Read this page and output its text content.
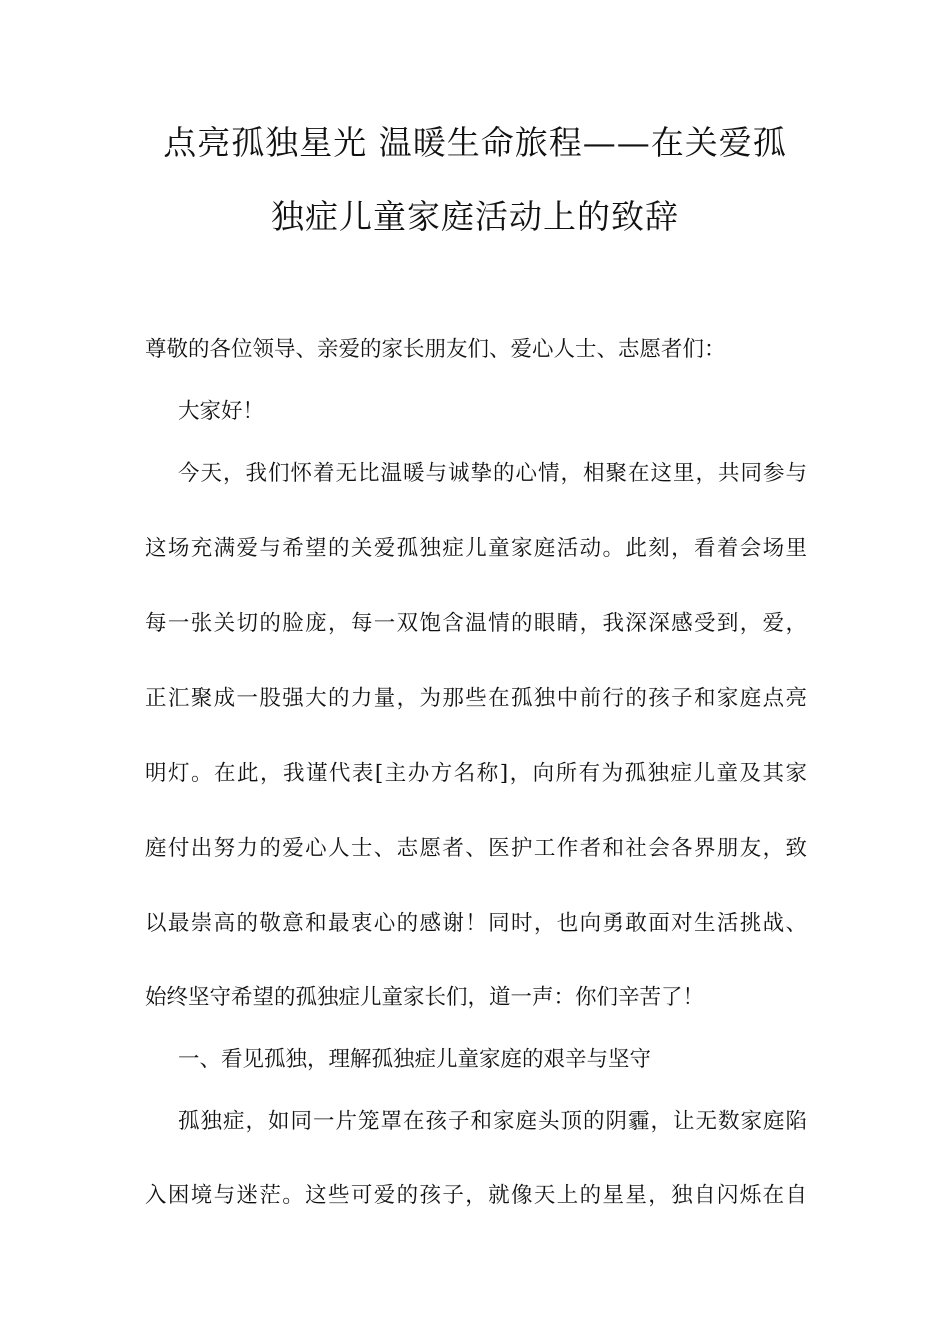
点亮孤独星光 温暖生命旅程——在关爱孤
独症儿童家庭活动上的致辞
尊敬的各位领导、亲爱的家长朋友们、爱心人士、志愿者们：
大家好！
今天，我们怀着无比温暖与诚挚的心情，相聚在这里，共同参与
这场充满爱与希望的关爱孤独症儿童家庭活动。此刻，看着会场里
每一张关切的脸庞，每一双饱含温情的眼睛，我深深感受到，爱，
正汇聚成一股强大的力量，为那些在孤独中前行的孩子和家庭点亮
明灯。在此，我谨代表[主办方名称]，向所有为孤独症儿童及其家
庭付出努力的爱心人士、志愿者、医护工作者和社会各界朋友，致
以最崇高的敬意和最衷心的感谢！同时，也向勇敢面对生活挑战、
始终坚守希望的孤独症儿童家长们，道一声：你们辛苦了！
一、看见孤独，理解孤独症儿童家庭的艰辛与坚守
孤独症，如同一片笼罩在孩子和家庭头顶的阴霾，让无数家庭陷
入困境与迷茫。这些可爱的孩子，就像天上的星星，独自闪烁在自
